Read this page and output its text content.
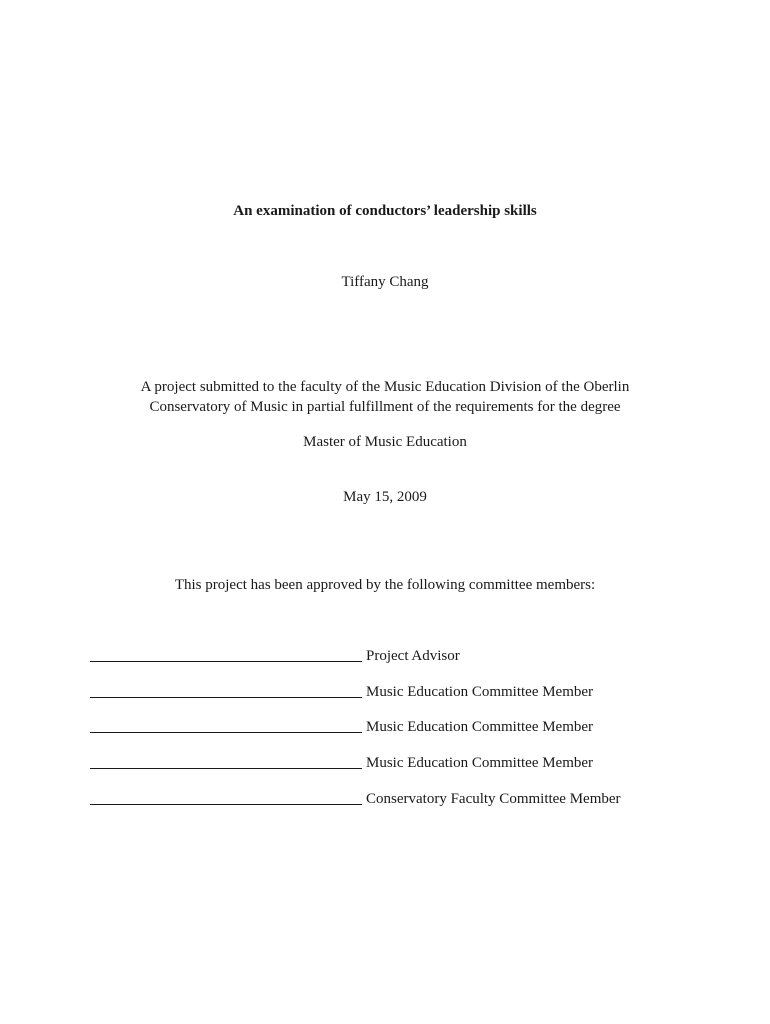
An examination of conductors’ leadership skills
Tiffany Chang
A project submitted to the faculty of the Music Education Division of the Oberlin
Conservatory of Music in partial fulfillment of the requirements for the degree
Master of Music Education
May 15, 2009
This project has been approved by the following committee members:
Project Advisor
Music Education Committee Member
Music Education Committee Member
Music Education Committee Member
Conservatory Faculty Committee Member
